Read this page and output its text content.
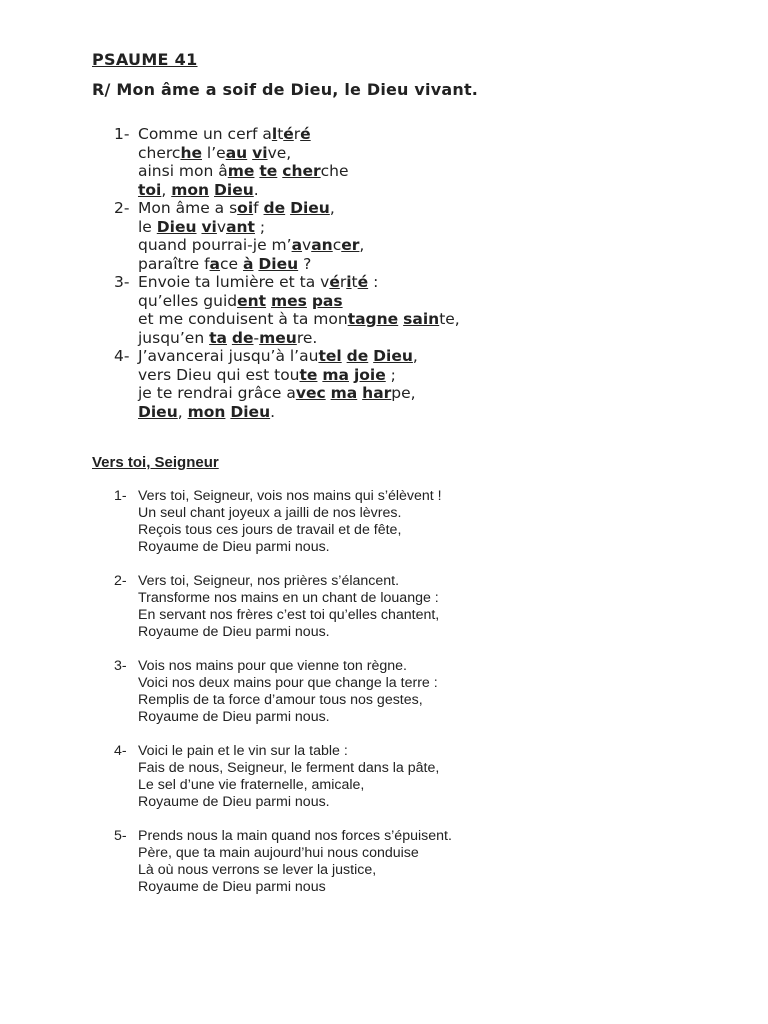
PSAUME 41
R/ Mon âme a soif de Dieu, le Dieu vivant.
1- Comme un cerf altéré
cherche l’eau vive,
ainsi mon âme te cherche
toi, mon Dieu.
2- Mon âme a soif de Dieu,
le Dieu vivant ;
quand pourrai-je m’avancer,
paraître face à Dieu ?
3- Envoie ta lumière et ta vérité :
qu’elles guident mes pas
et me conduisent à ta montagne sainte,
jusqu’en ta de-meure.
4- J’avancerai jusqu’à l’autel de Dieu,
vers Dieu qui est toute ma joie ;
je te rendrai grâce avec ma harpe,
Dieu, mon Dieu.
Vers toi, Seigneur
1- Vers toi, Seigneur, vois nos mains qui s’élèvent !
Un seul chant joyeux a jailli de nos lèvres.
Reçois tous ces jours de travail et de fête,
Royaume de Dieu parmi nous.
2- Vers toi, Seigneur, nos prières s’élancent.
Transforme nos mains en un chant de louange :
En servant nos frères c’est toi qu’elles chantent,
Royaume de Dieu parmi nous.
3- Vois nos mains pour que vienne ton règne.
Voici nos deux mains pour que change la terre :
Remplis de ta force d’amour tous nos gestes,
Royaume de Dieu parmi nous.
4- Voici le pain et le vin sur la table :
Fais de nous, Seigneur, le ferment dans la pâte,
Le sel d’une vie fraternelle, amicale,
Royaume de Dieu parmi nous.
5- Prends nous la main quand nos forces s’épuisent.
Père, que ta main aujourd’hui nous conduise
Là où nous verrons se lever la justice,
Royaume de Dieu parmi nous
